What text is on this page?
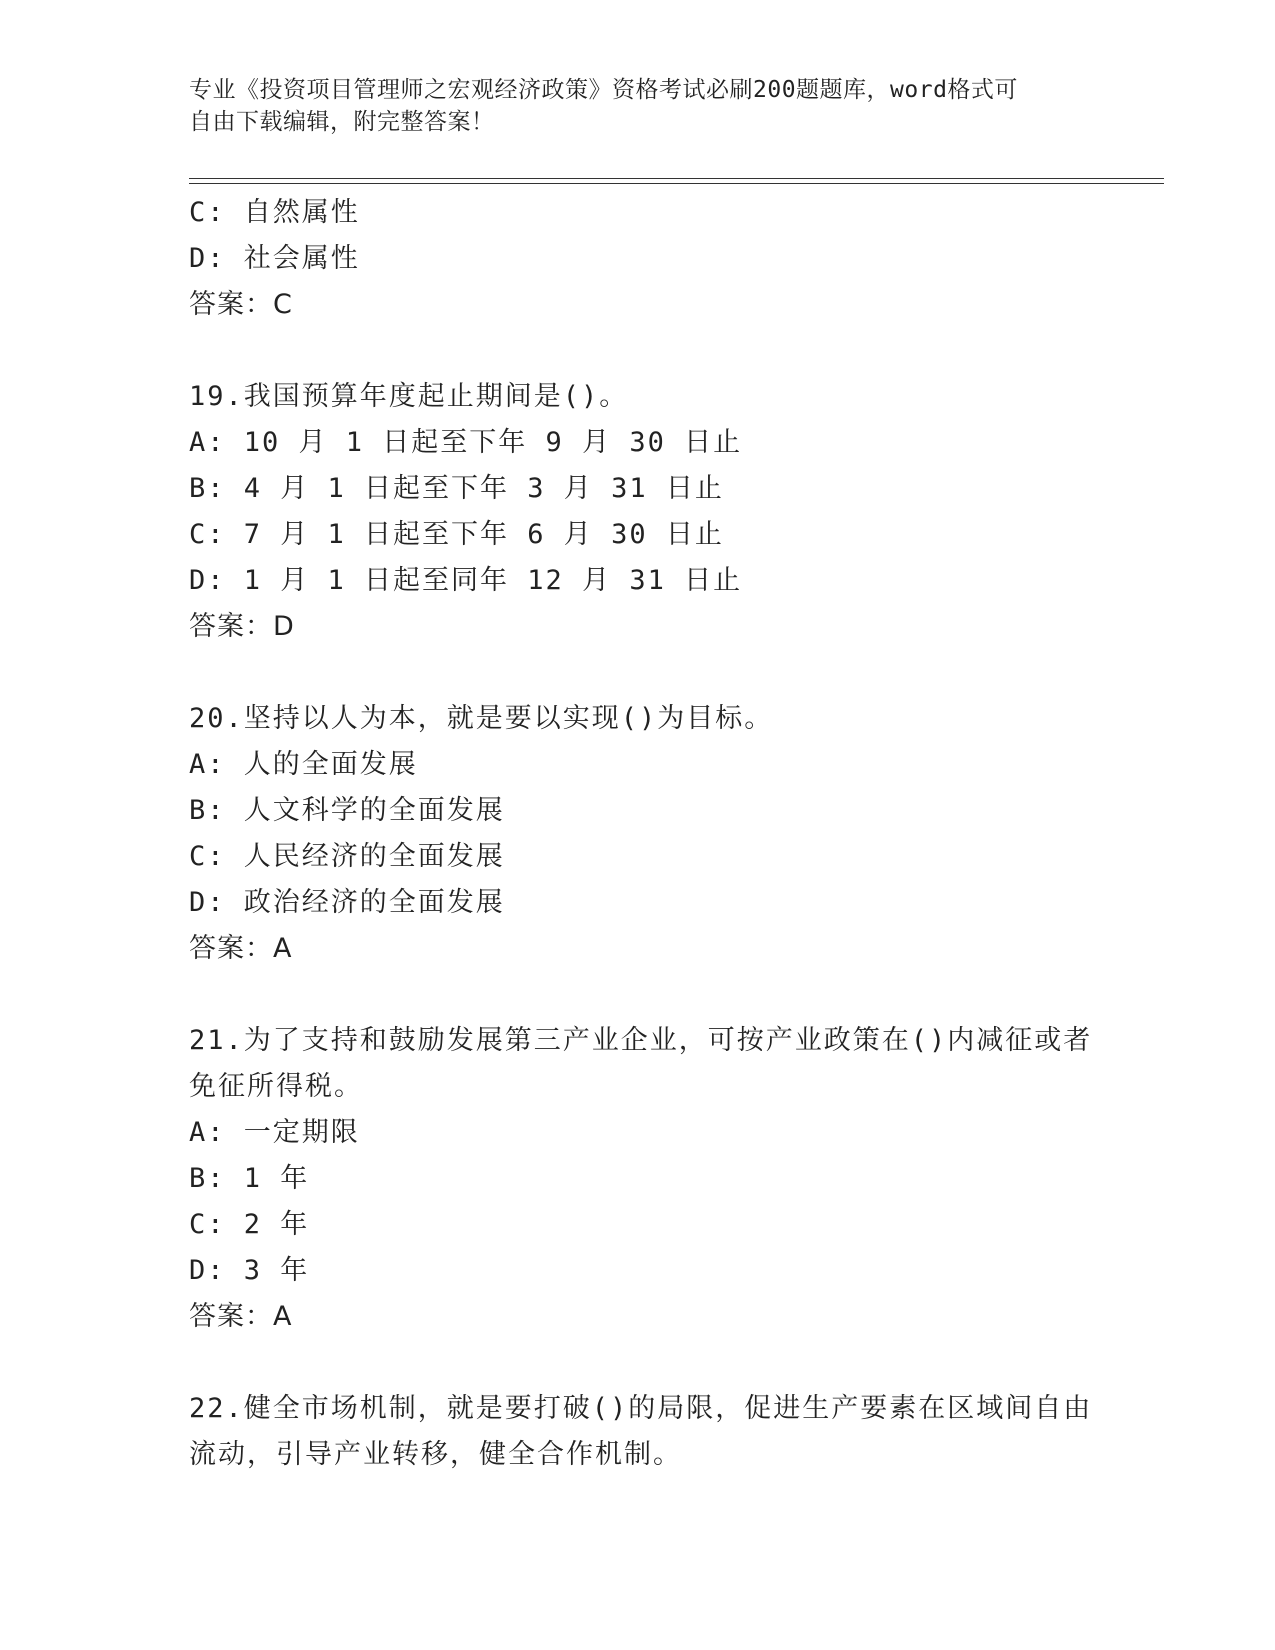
专业《投资项目管理师之宏观经济政策》资格考试必刷200题题库，word格式可
自由下载编辑，附完整答案！
C: 自然属性
D: 社会属性
答案：C
19.我国预算年度起止期间是()。
A: 10 月 1 日起至下年 9 月 30 日止
B: 4 月 1 日起至下年 3 月 31 日止
C: 7 月 1 日起至下年 6 月 30 日止
D: 1 月 1 日起至同年 12 月 31 日止
答案：D
20.坚持以人为本，就是要以实现()为目标。
A: 人的全面发展
B: 人文科学的全面发展
C: 人民经济的全面发展
D: 政治经济的全面发展
答案：A
21.为了支持和鼓励发展第三产业企业，可按产业政策在()内减征或者
免征所得税。
A: 一定期限
B: 1 年
C: 2 年
D: 3 年
答案：A
22.健全市场机制，就是要打破()的局限，促进生产要素在区域间自由
流动，引导产业转移，健全合作机制。
